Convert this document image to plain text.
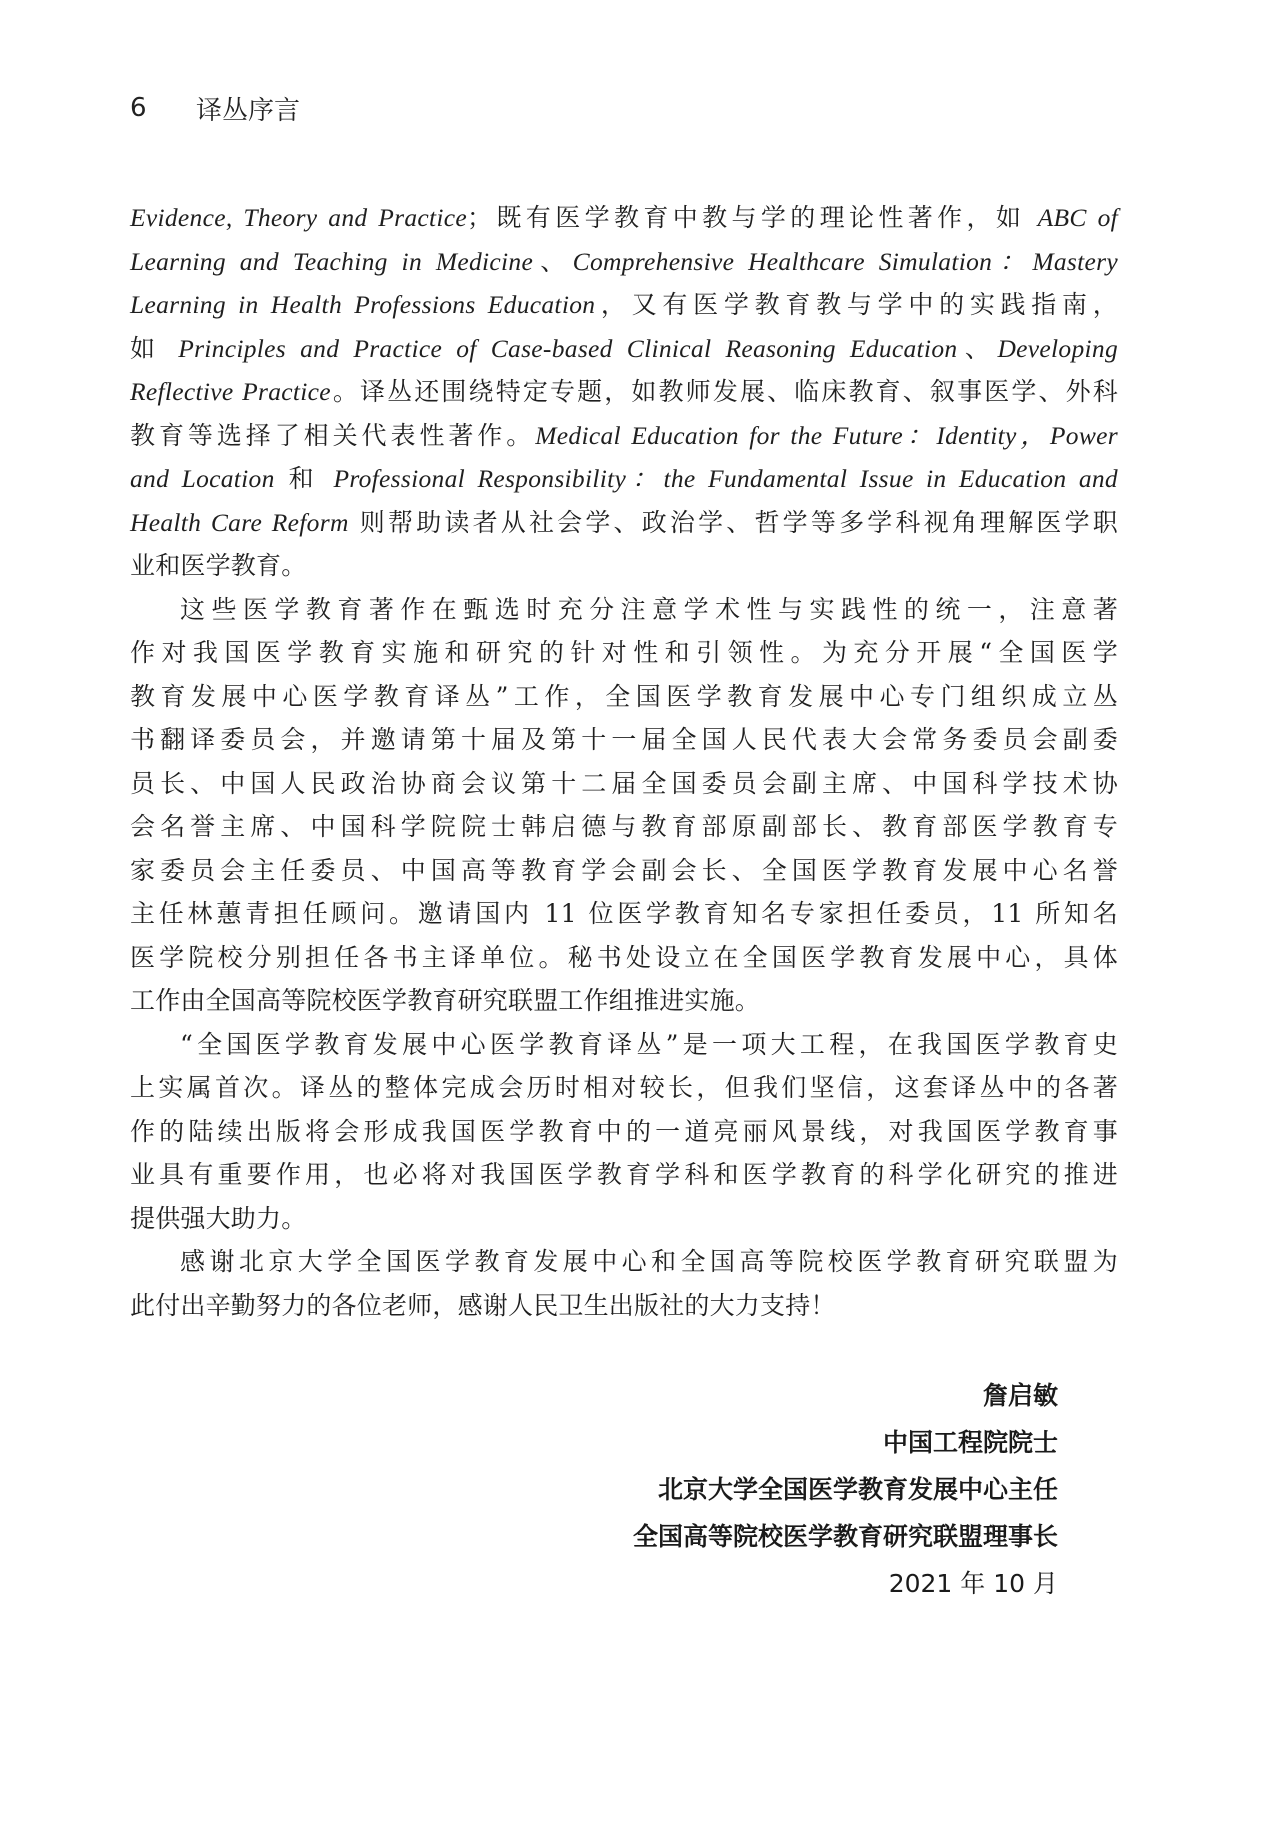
6	译丛序言
Evidence, Theory and Practice；既有医学教育中教与学的理论性著作，如 ABC of
Learning and Teaching in Medicine、Comprehensive Healthcare Simulation：Mastery
Learning in Health Professions Education，又有医学教育教与学中的实践指南，
如 Principles and Practice of Case-based Clinical Reasoning Education、Developing
Reflective Practice。译丛还围绕特定专题，如教师发展、临床教育、叙事医学、外科
教育等选择了相关代表性著作。Medical Education for the Future：Identity，Power
and Location 和 Professional Responsibility：the Fundamental Issue in Education and
Health Care Reform 则帮助读者从社会学、政治学、哲学等多学科视角理解医学职
业和医学教育。
这些医学教育著作在甄选时充分注意学术性与实践性的统一，注意著
作对我国医学教育实施和研究的针对性和引领性。为充分开展“全国医学
教育发展中心医学教育译丛”工作，全国医学教育发展中心专门组织成立丛
书翻译委员会，并邀请第十届及第十一届全国人民代表大会常务委员会副委
员长、中国人民政治协商会议第十二届全国委员会副主席、中国科学技术协
会名誉主席、中国科学院院士韩启德与教育部原副部长、教育部医学教育专
家委员会主任委员、中国高等教育学会副会长、全国医学教育发展中心名誉
主任林蕙青担任顾问。邀请国内 11 位医学教育知名专家担任委员，11 所知名
医学院校分别担任各书主译单位。秘书处设立在全国医学教育发展中心，具体
工作由全国高等院校医学教育研究联盟工作组推进实施。
“全国医学教育发展中心医学教育译丛”是一项大工程，在我国医学教育史
上实属首次。译丛的整体完成会历时相对较长，但我们坚信，这套译丛中的各著
作的陆续出版将会形成我国医学教育中的一道亮丽风景线，对我国医学教育事
业具有重要作用，也必将对我国医学教育学科和医学教育的科学化研究的推进
提供强大助力。
感谢北京大学全国医学教育发展中心和全国高等院校医学教育研究联盟为
此付出辛勤努力的各位老师，感谢人民卫生出版社的大力支持！
詹启敏
中国工程院院士
北京大学全国医学教育发展中心主任
全国高等院校医学教育研究联盟理事长
2021 年 10 月
